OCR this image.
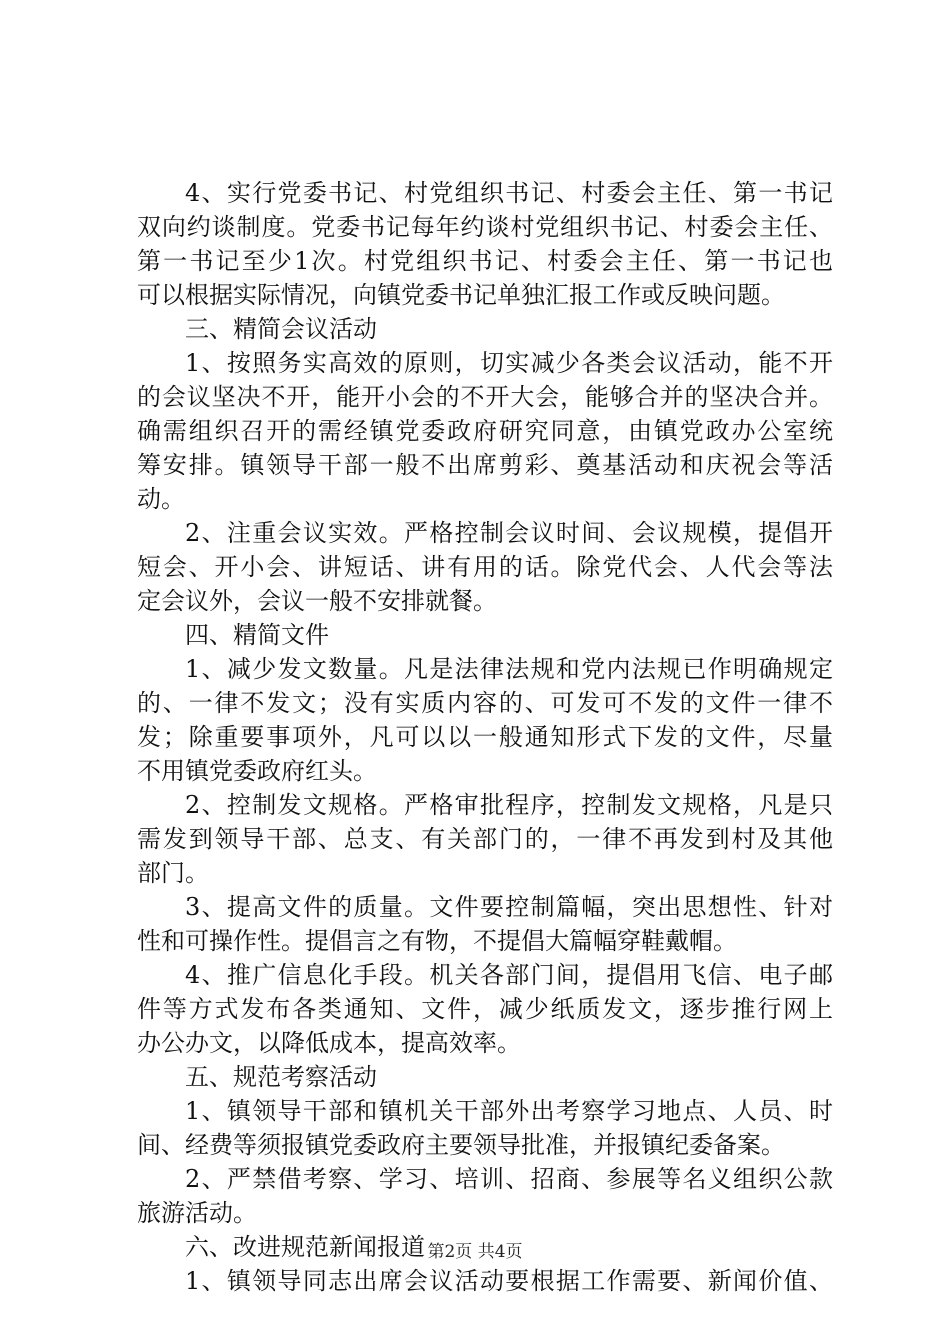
4、实行党委书记、村党组织书记、村委会主任、第一书记
双向约谈制度。党委书记每年约谈村党组织书记、村委会主任、
第一书记至少1次。村党组织书记、村委会主任、第一书记也
可以根据实际情况，向镇党委书记单独汇报工作或反映问题。
三、精简会议活动
1、按照务实高效的原则，切实减少各类会议活动，能不开
的会议坚决不开，能开小会的不开大会，能够合并的坚决合并。
确需组织召开的需经镇党委政府研究同意，由镇党政办公室统
筹安排。镇领导干部一般不出席剪彩、奠基活动和庆祝会等活
动。
2、注重会议实效。严格控制会议时间、会议规模，提倡开
短会、开小会、讲短话、讲有用的话。除党代会、人代会等法
定会议外，会议一般不安排就餐。
四、精简文件
1、减少发文数量。凡是法律法规和党内法规已作明确规定
的、一律不发文；没有实质内容的、可发可不发的文件一律不
发；除重要事项外，凡可以以一般通知形式下发的文件，尽量
不用镇党委政府红头。
2、控制发文规格。严格审批程序，控制发文规格，凡是只
需发到领导干部、总支、有关部门的，一律不再发到村及其他
部门。
3、提高文件的质量。文件要控制篇幅，突出思想性、针对
性和可操作性。提倡言之有物，不提倡大篇幅穿鞋戴帽。
4、推广信息化手段。机关各部门间，提倡用飞信、电子邮
件等方式发布各类通知、文件，减少纸质发文，逐步推行网上
办公办文，以降低成本，提高效率。
五、规范考察活动
1、镇领导干部和镇机关干部外出考察学习地点、人员、时
间、经费等须报镇党委政府主要领导批准，并报镇纪委备案。
2、严禁借考察、学习、培训、招商、参展等名义组织公款
旅游活动。
六、改进规范新闻报道
1、镇领导同志出席会议活动要根据工作需要、新闻价值、
第2页 共4页
